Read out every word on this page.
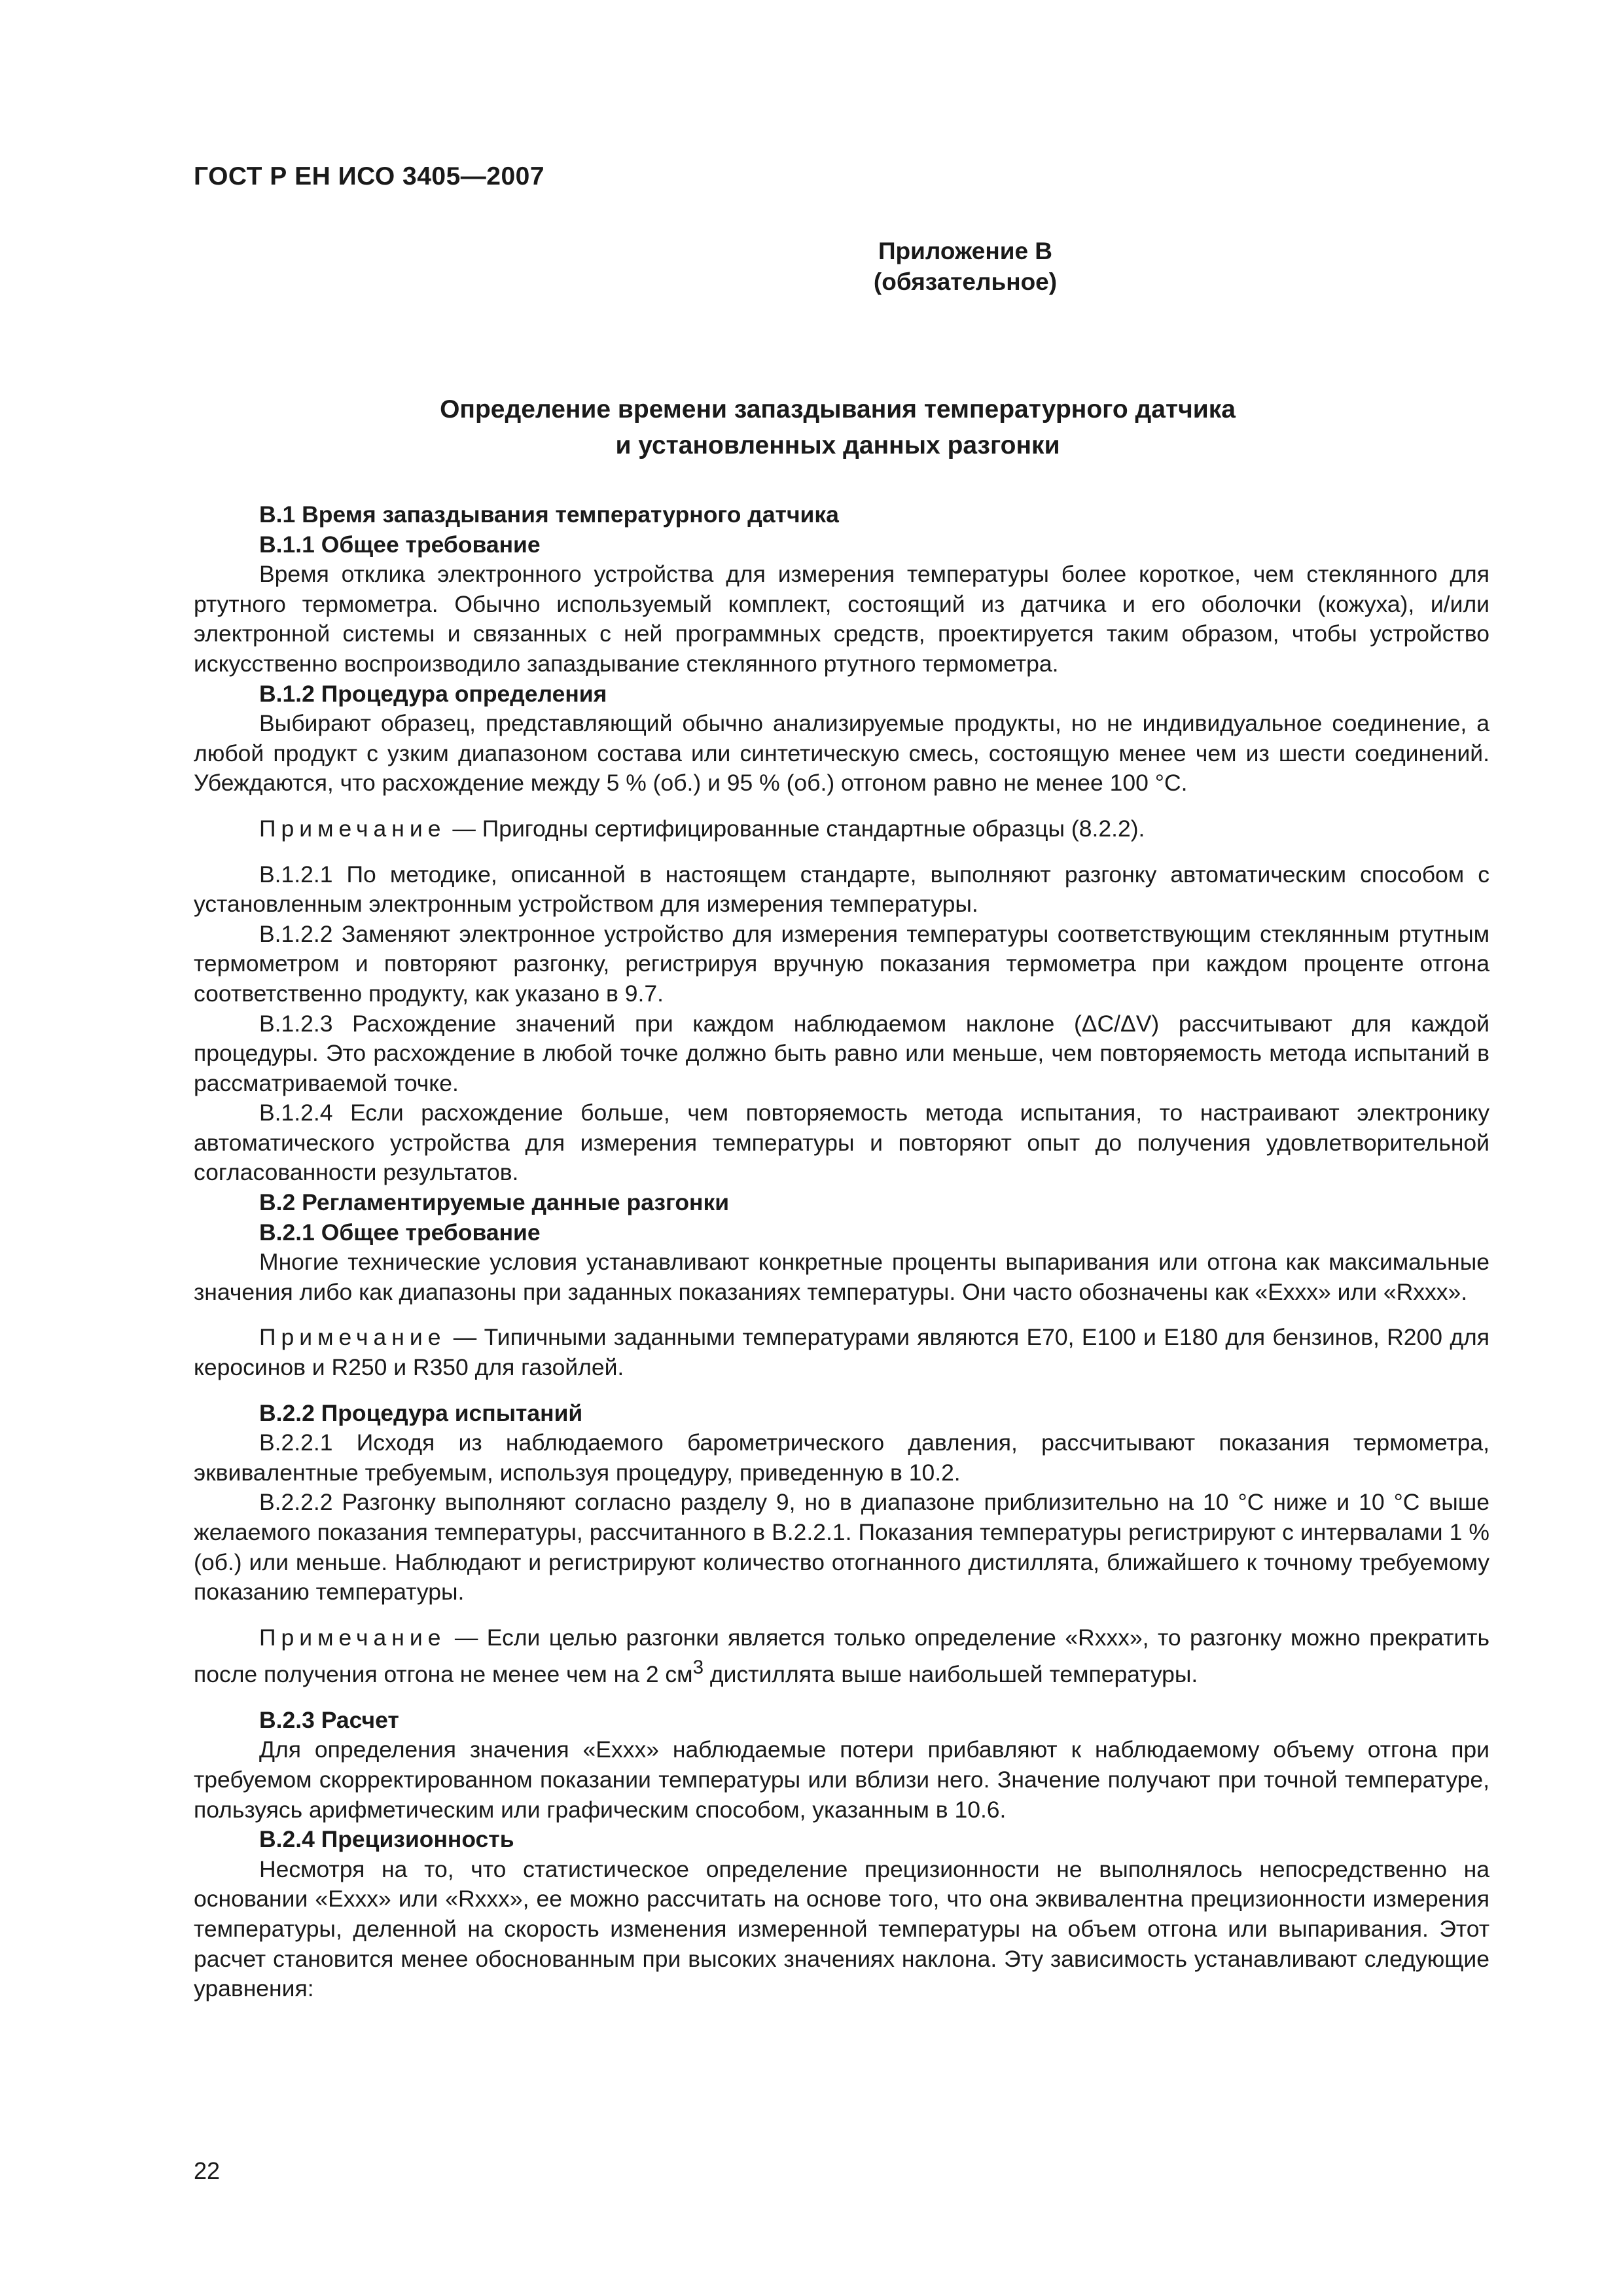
ГОСТ Р ЕН ИСО 3405—2007
Приложение В
(обязательное)
Определение времени запаздывания температурного датчика
и установленных данных разгонки
В.1 Время запаздывания температурного датчика
В.1.1 Общее требование
Время отклика электронного устройства для измерения температуры более короткое, чем стеклянного для ртутного термометра. Обычно используемый комплект, состоящий из датчика и его оболочки (кожуха), и/или электронной системы и связанных с ней программных средств, проектируется таким образом, чтобы устройство искусственно воспроизводило запаздывание стеклянного ртутного термометра.
В.1.2 Процедура определения
Выбирают образец, представляющий обычно анализируемые продукты, но не индивидуальное соединение, а любой продукт с узким диапазоном состава или синтетическую смесь, состоящую менее чем из шести соединений. Убеждаются, что расхождение между 5 % (об.) и 95 % (об.) отгоном равно не менее 100 °С.
Примечание — Пригодны сертифицированные стандартные образцы (8.2.2).
В.1.2.1 По методике, описанной в настоящем стандарте, выполняют разгонку автоматическим способом с установленным электронным устройством для измерения температуры.
В.1.2.2 Заменяют электронное устройство для измерения температуры соответствующим стеклянным ртутным термометром и повторяют разгонку, регистрируя вручную показания термометра при каждом проценте отгона соответственно продукту, как указано в 9.7.
В.1.2.3 Расхождение значений при каждом наблюдаемом наклоне (ΔC/ΔV) рассчитывают для каждой процедуры. Это расхождение в любой точке должно быть равно или меньше, чем повторяемость метода испытаний в рассматриваемой точке.
В.1.2.4 Если расхождение больше, чем повторяемость метода испытания, то настраивают электронику автоматического устройства для измерения температуры и повторяют опыт до получения удовлетворительной согласованности результатов.
В.2 Регламентируемые данные разгонки
В.2.1 Общее требование
Многие технические условия устанавливают конкретные проценты выпаривания или отгона как максимальные значения либо как диапазоны при заданных показаниях температуры. Они часто обозначены как «Exxx» или «Rxxx».
Примечание — Типичными заданными температурами являются E70, E100 и E180 для бензинов, R200 для керосинов и R250 и R350 для газойлей.
В.2.2 Процедура испытаний
В.2.2.1 Исходя из наблюдаемого барометрического давления, рассчитывают показания термометра, эквивалентные требуемым, используя процедуру, приведенную в 10.2.
В.2.2.2 Разгонку выполняют согласно разделу 9, но в диапазоне приблизительно на 10 °С ниже и 10 °С выше желаемого показания температуры, рассчитанного в В.2.2.1. Показания температуры регистрируют с интервалами 1 % (об.) или меньше. Наблюдают и регистрируют количество отогнанного дистиллята, ближайшего к точному требуемому показанию температуры.
Примечание — Если целью разгонки является только определение «Rxxx», то разгонку можно прекратить после получения отгона не менее чем на 2 $см^3$ дистиллята выше наибольшей температуры.
В.2.3 Расчет
Для определения значения «Exxx» наблюдаемые потери прибавляют к наблюдаемому объему отгона при требуемом скорректированном показании температуры или вблизи него. Значение получают при точной температуре, пользуясь арифметическим или графическим способом, указанным в 10.6.
В.2.4 Прецизионность
Несмотря на то, что статистическое определение прецизионности не выполнялось непосредственно на основании «Exxx» или «Rxxx», ее можно рассчитать на основе того, что она эквивалентна прецизионности измерения температуры, деленной на скорость изменения измеренной температуры на объем отгона или выпаривания. Этот расчет становится менее обоснованным при высоких значениях наклона. Эту зависимость устанавливают следующие уравнения:
22
